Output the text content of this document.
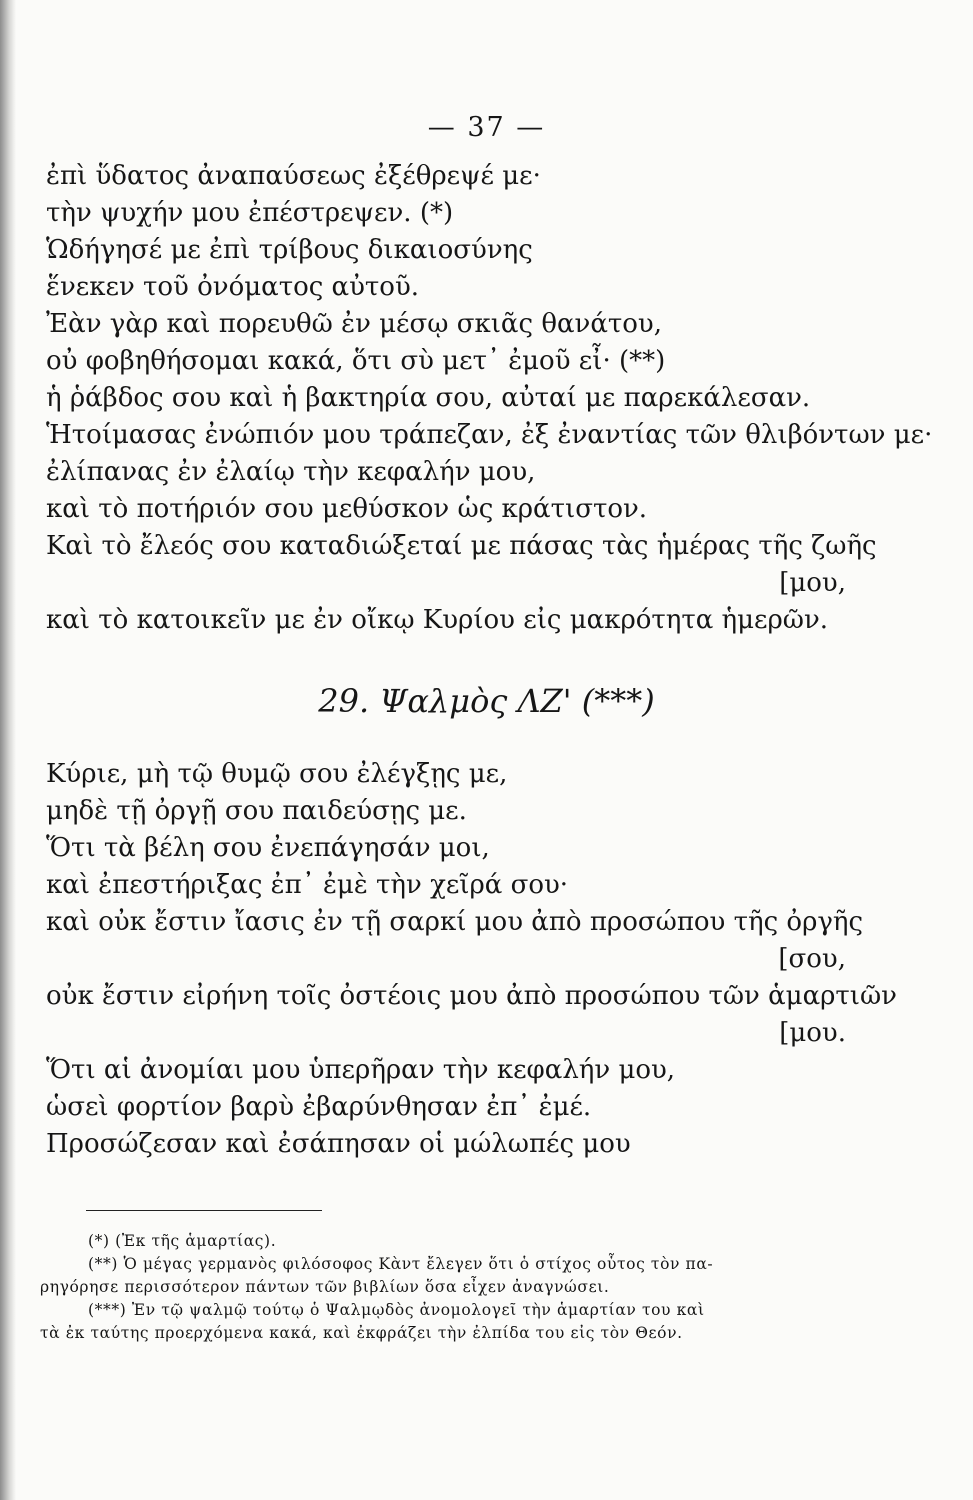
— 37 —
ἐπὶ ὕδατος ἀναπαύσεως ἐξέθρεψέ με·
τὴν ψυχήν μου ἐπέστρεψεν. (*)
Ὡδήγησέ με ἐπὶ τρίβους δικαιοσύνης
ἕνεκεν τοῦ ὀνόματος αὐτοῦ.
Ἐὰν γὰρ καὶ πορευθῶ ἐν μέσῳ σκιᾶς θανάτου,
οὐ φοβηθήσομαι κακά, ὅτι σὺ μετ᾿ ἐμοῦ εἶ· (**)
ἡ ῥάβδος σου καὶ ἡ βακτηρία σου, αὐταί με παρεκάλεσαν.
Ἡτοίμασας ἐνώπιόν μου τράπεζαν, ἐξ ἐναντίας τῶν θλιβόντων με·
ἐλίπανας ἐν ἐλαίῳ τὴν κεφαλήν μου,
καὶ τὸ ποτήριόν σου μεθύσκον ὡς κράτιστον.
Καὶ τὸ ἔλεός σου καταδιώξεταί με πάσας τὰς ἡμέρας τῆς ζωῆς
[μου,
καὶ τὸ κατοικεῖν με ἐν οἴκῳ Κυρίου εἰς μακρότητα ἡμερῶν.
29. Ψαλμὸς ΛΖ' (***)
Κύριε, μὴ τῷ θυμῷ σου ἐλέγξῃς με,
μηδὲ τῇ ὀργῇ σου παιδεύσῃς με.
Ὅτι τὰ βέλη σου ἐνεπάγησάν μοι,
καὶ ἐπεστήριξας ἐπ᾿ ἐμὲ τὴν χεῖρά σου·
καὶ οὐκ ἔστιν ἴασις ἐν τῇ σαρκί μου ἀπὸ προσώπου τῆς ὀργῆς
[σου,
οὐκ ἔστιν εἰρήνη τοῖς ὀστέοις μου ἀπὸ προσώπου τῶν ἁμαρτιῶν
[μου.
Ὅτι αἱ ἀνομίαι μου ὑπερῆραν τὴν κεφαλήν μου,
ὡσεὶ φορτίον βαρὺ ἐβαρύνθησαν ἐπ᾿ ἐμέ.
Προσώζεσαν καὶ ἐσάπησαν οἱ μώλωπές μου
(*) (Ἐκ τῆς ἁμαρτίας).
(**) Ὁ μέγας γερμανὸς φιλόσοφος Κὰντ ἔλεγεν ὅτι ὁ στίχος οὗτος τὸν πα-
ρηγόρησε περισσότερον πάντων τῶν βιβλίων ὅσα εἶχεν ἀναγνώσει.
(***) Ἐν τῷ ψαλμῷ τούτῳ ὁ Ψαλμῳδὸς ἀνομολογεῖ τὴν ἁμαρτίαν του καὶ
τὰ ἐκ ταύτης προερχόμενα κακά, καὶ ἐκφράζει τὴν ἐλπίδα του εἰς τὸν Θεόν.
